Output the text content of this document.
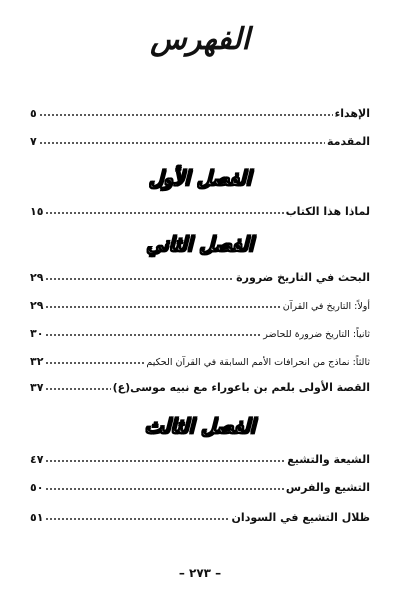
الفهرس
الإهداء
٥
المقدمة
٧
الفصل الأول
لماذا هذا الكتاب
١٥
الفصل الثاني
البحث في التاريخ ضرورة
٢٩
أولاً: التاريخ في القرآن
٢٩
ثانياً: التاريخ ضرورة للحاضر
٣٠
ثالثاً: نماذج من انحرافات الأمم السابقة في القرآن الحكيم
٣٢
القصة الأولى بلعم بن باعوراء مع نبيه موسى(ع)
٣٧
الفصل الثالث
الشيعة والتشيع
٤٧
التشيع والفرس
٥٠
ظلال التشيع في السودان
٥١
– ٢٧٣ –
